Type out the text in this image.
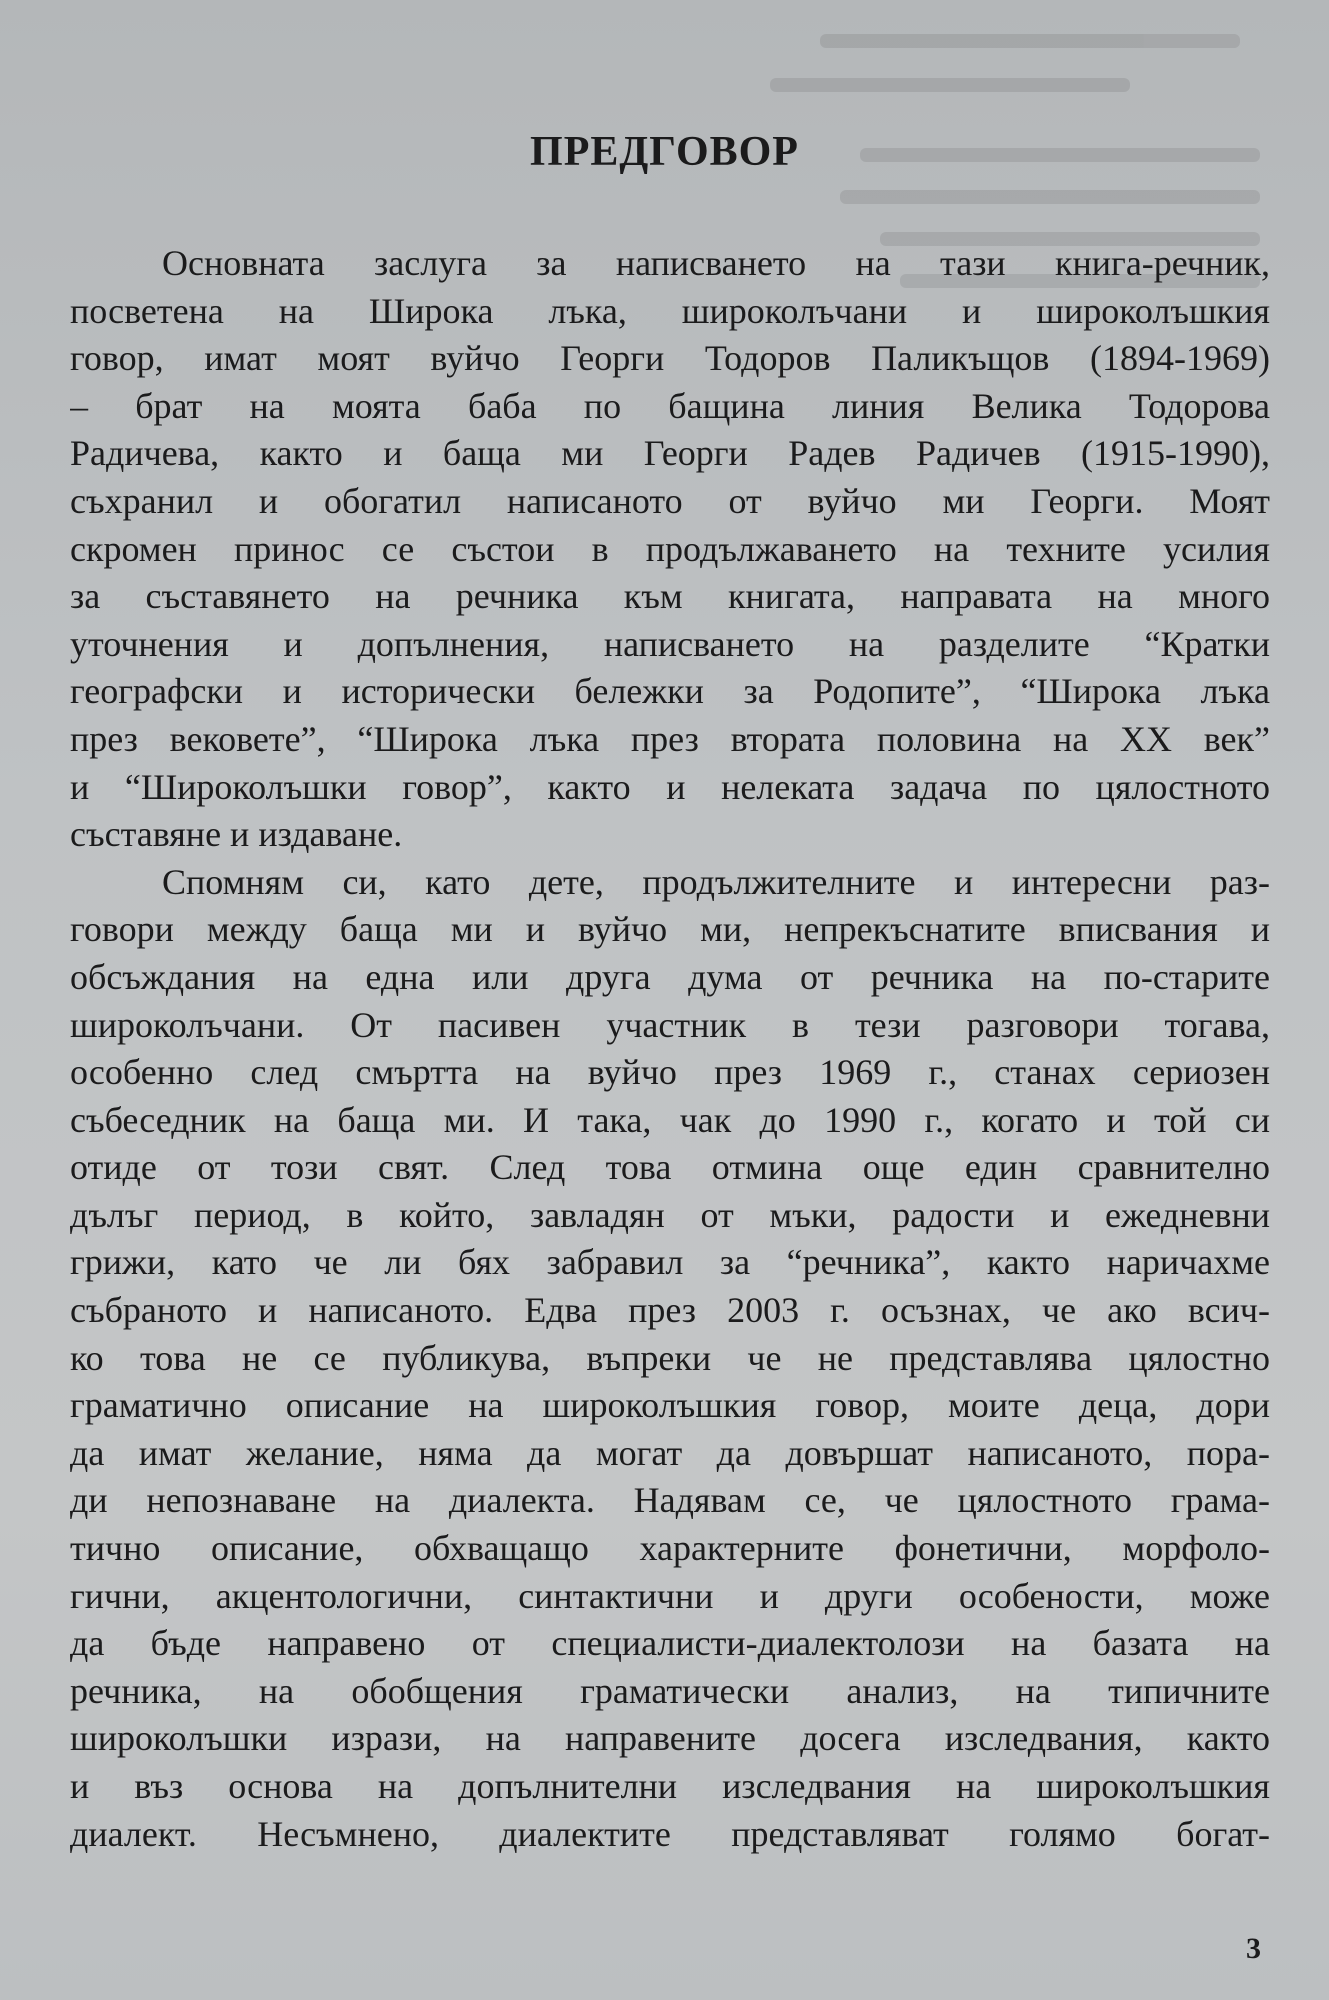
ПРЕДГОВОР

Основната заслуга за написването на тази книга-речник,
посветена на Широка лъка, широколъчани и широколъшкия
говор, имат моят вуйчо Георги Тодоров Паликъщов (1894-1969)
– брат на моята баба по бащина линия Велика Тодорова
Радичева, както и баща ми Георги Радев Радичев (1915-1990),
съхранил и обогатил написаното от вуйчо ми Георги. Моят
скромен принос се състои в продължаването на техните усилия
за съставянето на речника към книгата, направата на много
уточнения и допълнения, написването на разделите “Кратки
географски и исторически бележки за Родопите”, “Широка лъка
през вековете”, “Широка лъка през втората половина на XX век”
и “Широколъшки говор”, както и нелеката задача по цялостното
съставяне и издаване.

Спомням си, като дете, продължителните и интересни раз-
говори между баща ми и вуйчо ми, непрекъснатите вписвания и
обсъждания на една или друга дума от речника на по-старите
широколъчани. От пасивен участник в тези разговори тогава,
особенно след смъртта на вуйчо през 1969 г., станах сериозен
събеседник на баща ми. И така, чак до 1990 г., когато и той си
отиде от този свят. След това отмина още един сравнително
дълъг период, в който, завладян от мъки, радости и ежедневни
грижи, като че ли бях забравил за “речника”, както наричахме
събраното и написаното. Едва през 2003 г. осъзнах, че ако всич-
ко това не се публикува, въпреки че не представлява цялостно
граматично описание на широколъшкия говор, моите деца, дори
да имат желание, няма да могат да довършат написаното, пора-
ди непознаване на диалекта. Надявам се, че цялостното грама-
тично описание, обхващащо характерните фонетични, морфоло-
гични, акцентологични, синтактични и други особености, може
да бъде направено от специалисти-диалектолози на базата на
речника, на обобщения граматически анализ, на типичните
широколъшки изрази, на направените досега изследвания, както
и въз основа на допълнителни изследвания на широколъшкия
диалект. Несъмнено, диалектите представляват голямо богат-

3
